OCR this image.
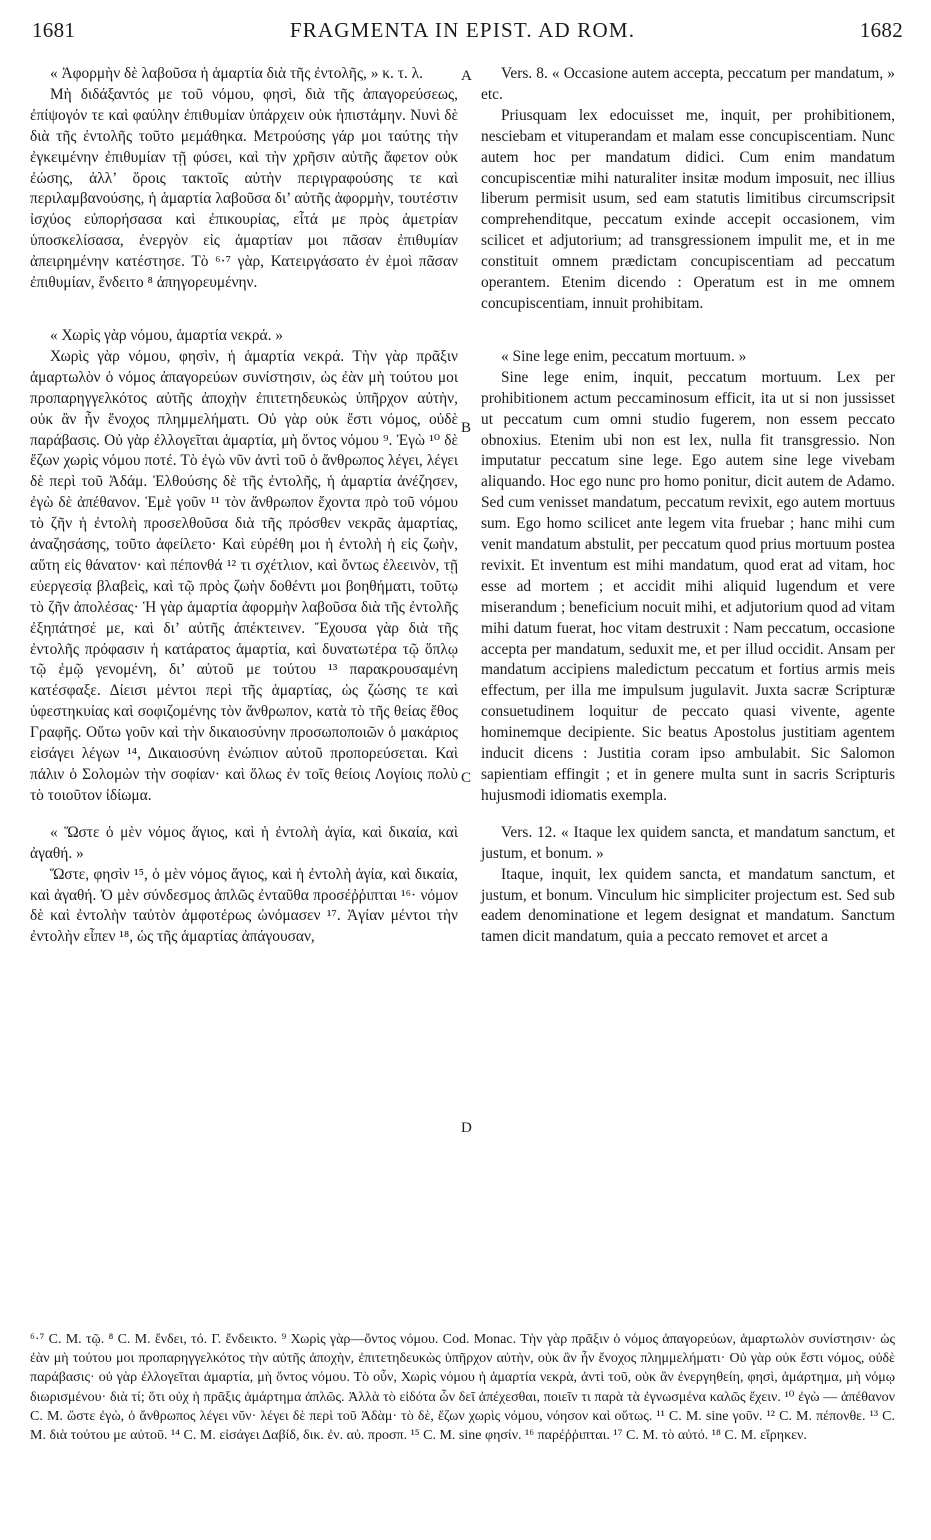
1681	FRAGMENTA IN EPIST. AD ROM.	1682
A
B
C
D

« Ἀφορμὴν δὲ λαβοῦσα ἡ ἁμαρτία διὰ τῆς ἐντολῆς, » κ. τ. λ.

Μὴ διδάξαντός με τοῦ νόμου, φησὶ, διὰ τῆς ἀπαγορεύσεως, ἐπίψογόν τε καὶ φαύλην ἐπιθυμίαν ὑπάρχειν οὐκ ἠπιστάμην. Νυνὶ δὲ διὰ τῆς ἐντολῆς τοῦτο μεμάθηκα. Μετρούσης γάρ μοι ταύτης τὴν ἐγκειμένην ἐπιθυμίαν τῇ φύσει, καὶ τὴν χρῆσιν αὐτῆς ἄφετον οὐκ ἐώσης, ἀλλ’ ὅροις τακτοῖς αὐτὴν περιγραφούσης τε καὶ περιλαμβανούσης, ἡ ἁμαρτία λαβοῦσα δι’ αὐτῆς ἀφορμὴν, τουτέστιν ἰσχύος εὐπορήσασα καὶ ἐπικουρίας, εἶτά με πρὸς ἀμετρίαν ὑποσκελίσασα, ἐνεργὸν εἰς ἁμαρτίαν μοι πᾶσαν ἐπιθυμίαν ἀπειρημένην κατέστησε. Τὸ ⁶·⁷ γὰρ, Κατειργάσατο ἐν ἐμοὶ πᾶσαν ἐπιθυμίαν, ἔνδειτο ⁸ ἀπηγορευμένην.

« Χωρὶς γὰρ νόμου, ἁμαρτία νεκρά. »

Χωρὶς γὰρ νόμου, φησὶν, ἡ ἁμαρτία νεκρά. Τὴν γὰρ πρᾶξιν ἁμαρτωλὸν ὁ νόμος ἀπαγορεύων συνίστησιν, ὡς ἐὰν μὴ τούτου μοι προπαρηγγελκότος αὐτῆς ἀποχὴν ἐπιτετηδευκὼς ὑπῆρχον αὐτὴν, οὐκ ἂν ἦν ἔνοχος πλημμελήματι. Οὐ γὰρ οὐκ ἔστι νόμος, οὐδὲ παράβασις. Οὐ γὰρ ἐλλογεῖται ἁμαρτία, μὴ ὄντος νόμου ⁹. Ἐγὼ ¹⁰ δὲ ἔζων χωρὶς νόμου ποτέ. Τὸ ἐγὼ νῦν ἀντὶ τοῦ ὁ ἄνθρωπος λέγει, λέγει δὲ περὶ τοῦ Ἀδάμ. Ἐλθούσης δὲ τῆς ἐντολῆς, ἡ ἁμαρτία ἀνέζησεν, ἐγὼ δὲ ἀπέθανον. Ἐμὲ γοῦν ¹¹ τὸν ἄνθρωπον ἔχοντα πρὸ τοῦ νόμου τὸ ζῆν ἡ ἐντολὴ προσελθοῦσα διὰ τῆς πρόσθεν νεκρᾶς ἁμαρτίας, ἀναζησάσης, τοῦτο ἀφείλετο· Καὶ εὑρέθη μοι ἡ ἐντολὴ ἡ εἰς ζωὴν, αὕτη εἰς θάνατον· καὶ πέπονθά ¹² τι σχέτλιον, καὶ ὄντως ἐλεεινὸν, τῇ εὐεργεσίᾳ βλαβεὶς, καὶ τῷ πρὸς ζωὴν δοθέντι μοι βοηθήματι, τοῦτῳ τὸ ζῆν ἀπολέσας· Ἡ γὰρ ἁμαρτία ἀφορμὴν λαβοῦσα διὰ τῆς ἐντολῆς ἐξηπάτησέ με, καὶ δι’ αὐτῆς ἀπέκτεινεν. Ἔχουσα γὰρ διὰ τῆς ἐντολῆς πρόφασιν ἡ κατάρατος ἁμαρτία, καὶ δυνατωτέρα τῷ ὅπλῳ τῷ ἐμῷ γενομένη, δι’ αὐτοῦ με τούτου ¹³ παρακρουσαμένη κατέσφαξε. Δίεισι μέντοι περὶ τῆς ἁμαρτίας, ὡς ζώσης τε καὶ ὑφεστηκυίας καὶ σοφιζομένης τὸν ἄνθρωπον, κατὰ τὸ τῆς θείας ἔθος Γραφῆς. Οὕτω γοῦν καὶ τὴν δικαιοσύνην προσωποποιῶν ὁ μακάριος εἰσάγει λέγων ¹⁴, Δικαιοσύνη ἐνώπιον αὐτοῦ προπορεύσεται. Καὶ πάλιν ὁ Σολομὼν τὴν σοφίαν· καὶ ὅλως ἐν τοῖς θείοις Λογίοις πολὺ τὸ τοιοῦτον ἰδίωμα.

« Ὥστε ὁ μὲν νόμος ἅγιος, καὶ ἡ ἐντολὴ ἁγία, καὶ δικαία, καὶ ἀγαθή. »

Ὥστε, φησὶν ¹⁵, ὁ μὲν νόμος ἅγιος, καὶ ἡ ἐντολὴ ἁγία, καὶ δικαία, καὶ ἀγαθή. Ὁ μὲν σύνδεσμος ἁπλῶς ἐνταῦθα προσέῤῥιπται ¹⁶· νόμον δὲ καὶ ἐντολὴν ταὐτὸν ἀμφοτέρως ὠνόμασεν ¹⁷. Ἁγίαν μέντοι τὴν ἐντολὴν εἶπεν ¹⁸, ὡς τῆς ἁμαρτίας ἀπάγουσαν,

Vers. 8. « Occasione autem accepta, peccatum per mandatum, » etc.

Priusquam lex edocuisset me, inquit, per prohibitionem, nesciebam et vituperandam et malam esse concupiscentiam. Nunc autem hoc per mandatum didici. Cum enim mandatum concupiscentiæ mihi naturaliter insitæ modum imposuit, nec illius liberum permisit usum, sed eam statutis limitibus circumscripsit comprehenditque, peccatum exinde accepit occasionem, vim scilicet et adjutorium; ad transgressionem impulit me, et in me constituit omnem prædictam concupiscentiam ad peccatum operantem. Etenim dicendo : Operatum est in me omnem concupiscentiam, innuit prohibitam.

« Sine lege enim, peccatum mortuum. »

Sine lege enim, inquit, peccatum mortuum. Lex per prohibitionem actum peccaminosum efficit, ita ut si non jussisset ut peccatum cum omni studio fugerem, non essem peccato obnoxius. Etenim ubi non est lex, nulla fit transgressio. Non imputatur peccatum sine lege. Ego autem sine lege vivebam aliquando. Hoc ego nunc pro homo ponitur, dicit autem de Adamo. Sed cum venisset mandatum, peccatum revixit, ego autem mortuus sum. Ego homo scilicet ante legem vita fruebar ; hanc mihi cum venit mandatum abstulit, per peccatum quod prius mortuum postea revixit. Et inventum est mihi mandatum, quod erat ad vitam, hoc esse ad mortem ; et accidit mihi aliquid lugendum et vere miserandum ; beneficium nocuit mihi, et adjutorium quod ad vitam mihi datum fuerat, hoc vitam destruxit : Nam peccatum, occasione accepta per mandatum, seduxit me, et per illud occidit. Ansam per mandatum accipiens maledictum peccatum et fortius armis meis effectum, per illa me impulsum jugulavit. Juxta sacræ Scripturæ consuetudinem loquitur de peccato quasi vivente, agente hominemque decipiente. Sic beatus Apostolus justitiam agentem inducit dicens : Justitia coram ipso ambulabit. Sic Salomon sapientiam effingit ; et in genere multa sunt in sacris Scripturis hujusmodi idiomatis exempla.

Vers. 12. « Itaque lex quidem sancta, et mandatum sanctum, et justum, et bonum. »

Itaque, inquit, lex quidem sancta, et mandatum sanctum, et justum, et bonum. Vinculum hic simpliciter projectum est. Sed sub eadem denominatione et legem designat et mandatum. Sanctum tamen dicit mandatum, quia a peccato removet et arcet a

⁶·⁷ C. M. τῷ. ⁸ C. M. ἔνδει, τό. Γ. ἔνδεικτο. ⁹ Χωρὶς γὰρ—ὄντος νόμου. Cod. Monac. Τὴν γὰρ πρᾶξιν ὁ νόμος ἀπαγορεύων, ἁμαρτωλὸν συνίστησιν· ὡς ἐὰν μὴ τούτου μοι προπαρηγγελκότος τὴν αὐτῆς ἀποχὴν, ἐπιτετηδευκὼς ὑπῆρχον αὐτὴν, οὐκ ἂν ἦν ἔνοχος πλημμελήματι· Οὐ γὰρ οὐκ ἔστι νόμος, οὐδὲ παράβασις· οὐ γὰρ ἐλλογεῖται ἁμαρτία, μὴ ὄντος νόμου. Τὸ οὖν, Χωρὶς νόμου ἡ ἁμαρτία νεκρὰ, ἀντὶ τοῦ, οὐκ ἂν ἐνεργηθείη, φησὶ, ἁμάρτημα, μὴ νόμῳ διωρισμένου· διὰ τί; ὅτι οὐχ ἡ πρᾶξις ἁμάρτημα ἁπλῶς. Ἀλλὰ τὸ εἰδότα ὧν δεῖ ἀπέχεσθαι, ποιεῖν τι παρὰ τὰ ἐγνωσμένα καλῶς ἔχειν. ¹⁰ ἐγὼ — ἀπέθανον C. M. ὥστε ἐγὼ, ὁ ἄνθρωπος λέγει νῦν· λέγει δὲ περὶ τοῦ Ἀδὰμ· τὸ δὲ, ἔζων χωρὶς νόμου, νόησον καὶ οὕτως. ¹¹ C. M. sine γοῦν. ¹² C. M. πέπονθε. ¹³ C. M. διὰ τούτου με αὐτοῦ. ¹⁴ C. M. εἰσάγει Δαβίδ, δικ. ἐν. αὐ. προσπ. ¹⁵ C. M. sine φησίν. ¹⁶ παρέῤῥιπται. ¹⁷ C. M. τὸ αὐτό. ¹⁸ C. M. εἴρηκεν.
